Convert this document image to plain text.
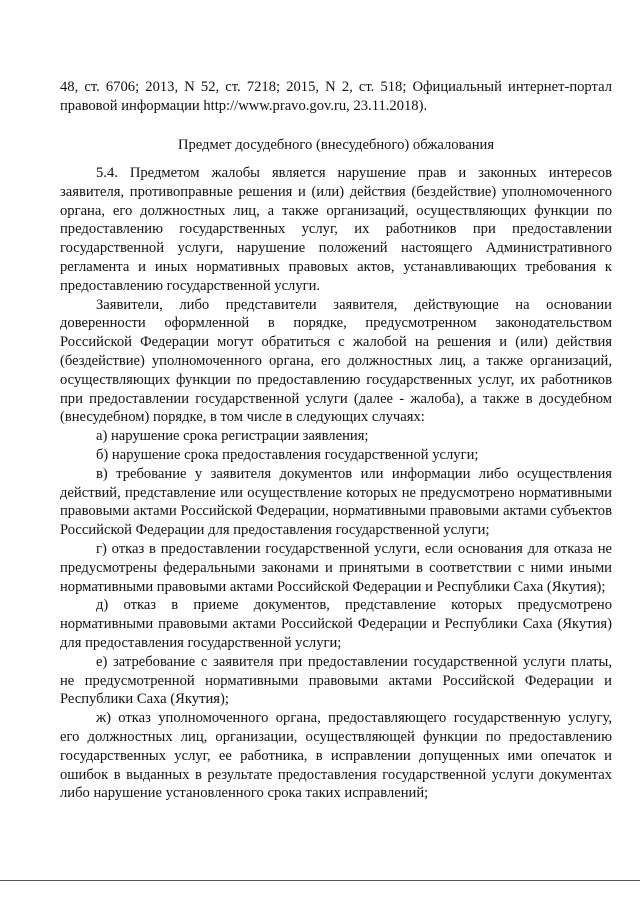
48, ст. 6706; 2013, N 52, ст. 7218; 2015, N 2, ст. 518; Официальный интернет-портал правовой информации http://www.pravo.gov.ru, 23.11.2018).
Предмет досудебного (внесудебного) обжалования

5.4. Предметом жалобы является нарушение прав и законных интересов заявителя, противоправные решения и (или) действия (бездействие) уполномоченного органа, его должностных лиц, а также организаций, осуществляющих функции по предоставлению государственных услуг, их работников при предоставлении государственной услуги, нарушение положений настоящего Административного регламента и иных нормативных правовых актов, устанавливающих требования к предоставлению государственной услуги.

Заявители, либо представители заявителя, действующие на основании доверенности оформленной в порядке, предусмотренном законодательством Российской Федерации могут обратиться с жалобой на решения и (или) действия (бездействие) уполномоченного органа, его должностных лиц, а также организаций, осуществляющих функции по предоставлению государственных услуг, их работников при предоставлении государственной услуги (далее - жалоба), а также в досудебном (внесудебном) порядке, в том числе в следующих случаях:

а) нарушение срока регистрации заявления;

б) нарушение срока предоставления государственной услуги;

в) требование у заявителя документов или информации либо осуществления действий, представление или осуществление которых не предусмотрено нормативными правовыми актами Российской Федерации, нормативными правовыми актами субъектов Российской Федерации для предоставления государственной услуги;

г) отказ в предоставлении государственной услуги, если основания для отказа не предусмотрены федеральными законами и принятыми в соответствии с ними иными нормативными правовыми актами Российской Федерации и Республики Саха (Якутия);

д) отказ в приеме документов, представление которых предусмотрено нормативными правовыми актами Российской Федерации и Республики Саха (Якутия) для предоставления государственной услуги;

е) затребование с заявителя при предоставлении государственной услуги платы, не предусмотренной нормативными правовыми актами Российской Федерации и Республики Саха (Якутия);

ж) отказ уполномоченного органа, предоставляющего государственную услугу, его должностных лиц, организации, осуществляющей функции по предоставлению государственных услуг, ее работника, в исправлении допущенных ими опечаток и ошибок в выданных в результате предоставления государственной услуги документах либо нарушение установленного срока таких исправлений;
